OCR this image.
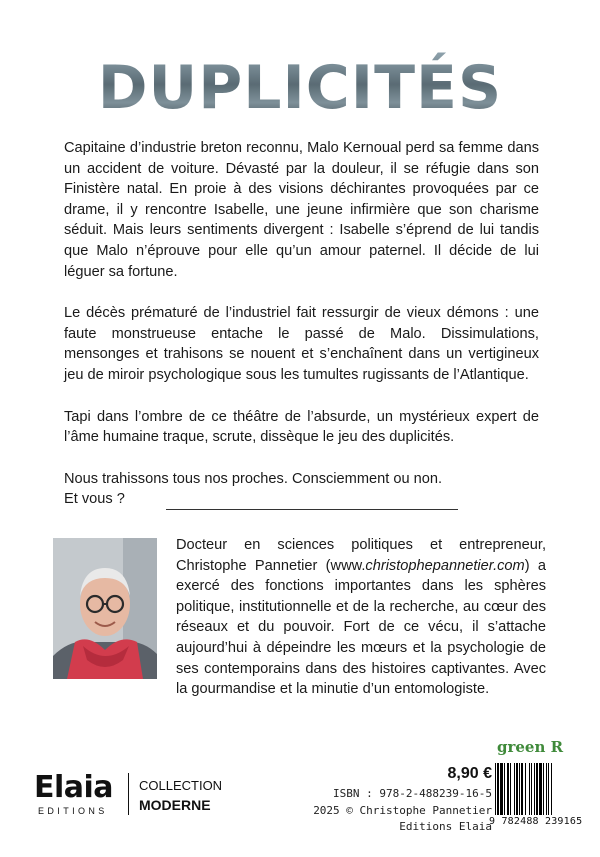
DUPLICITÉS

Capitaine d’industrie breton reconnu, Malo Kernoual perd sa femme dans un accident de voiture. Dévasté par la douleur, il se réfugie dans son Finistère natal. En proie à des visions déchirantes provoquées par ce drame, il y rencontre Isabelle, une jeune infirmière que son charisme séduit. Mais leurs sentiments divergent : Isabelle s’éprend de lui tandis que Malo n’éprouve pour elle qu’un amour paternel. Il décide de lui léguer sa fortune.

Le décès prématuré de l’industriel fait ressurgir de vieux démons : une faute monstrueuse entache le passé de Malo. Dissimulations, mensonges et trahisons se nouent et s’enchaînent dans un vertigineux jeu de miroir psychologique sous les tumultes rugissants de l’Atlantique.

Tapi dans l’ombre de ce théâtre de l’absurde, un mystérieux expert de l’âme humaine traque, scrute, dissèque le jeu des duplicités.

Nous trahissons tous nos proches. Consciemment ou non.
Et vous ?

Docteur en sciences politiques et entrepreneur, Christophe Pannetier (www.christophepannetier.com) a exercé des fonctions importantes dans les sphères politique, institutionnelle et de la recherche, au cœur des réseaux et du pouvoir. Fort de ce vécu, il s’attache aujourd’hui à dépeindre les mœurs et la psychologie de ses contemporains dans des histoires captivantes. Avec la gourmandise et la minutie d’un entomologiste.
Elaia
EDITIONS
COLLECTION
MODERNE
8,90 €
ISBN : 978-2-488239-16-5
2025 © Christophe Pannetier
Editions Elaia
green R
9 782488 239165
